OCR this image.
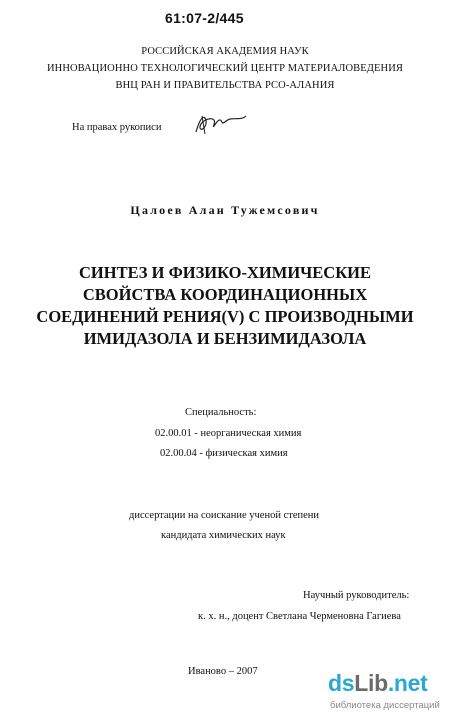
61:07-2/445
РОССИЙСКАЯ АКАДЕМИЯ НАУК
ИННОВАЦИОННО ТЕХНОЛОГИЧЕСКИЙ ЦЕНТР МАТЕРИАЛОВЕДЕНИЯ
ВНЦ РАН И ПРАВИТЕЛЬСТВА РСО-АЛАНИЯ
На правах рукописи
Цалоев Алан Тужемсович
СИНТЕЗ И ФИЗИКО-ХИМИЧЕСКИЕ
СВОЙСТВА КООРДИНАЦИОННЫХ
СОЕДИНЕНИЙ РЕНИЯ(V) С ПРОИЗВОДНЫМИ
ИМИДАЗОЛА И БЕНЗИМИДАЗОЛА
Специальность:
02.00.01 - неорганическая химия
02.00.04 - физическая химия
диссертации на соискание ученой степени
кандидата химических наук
Научный руководитель:
к. х. н., доцент Светлана Черменовна Гагиева
Иваново – 2007	dsLib.net
библиотека диссертаций
